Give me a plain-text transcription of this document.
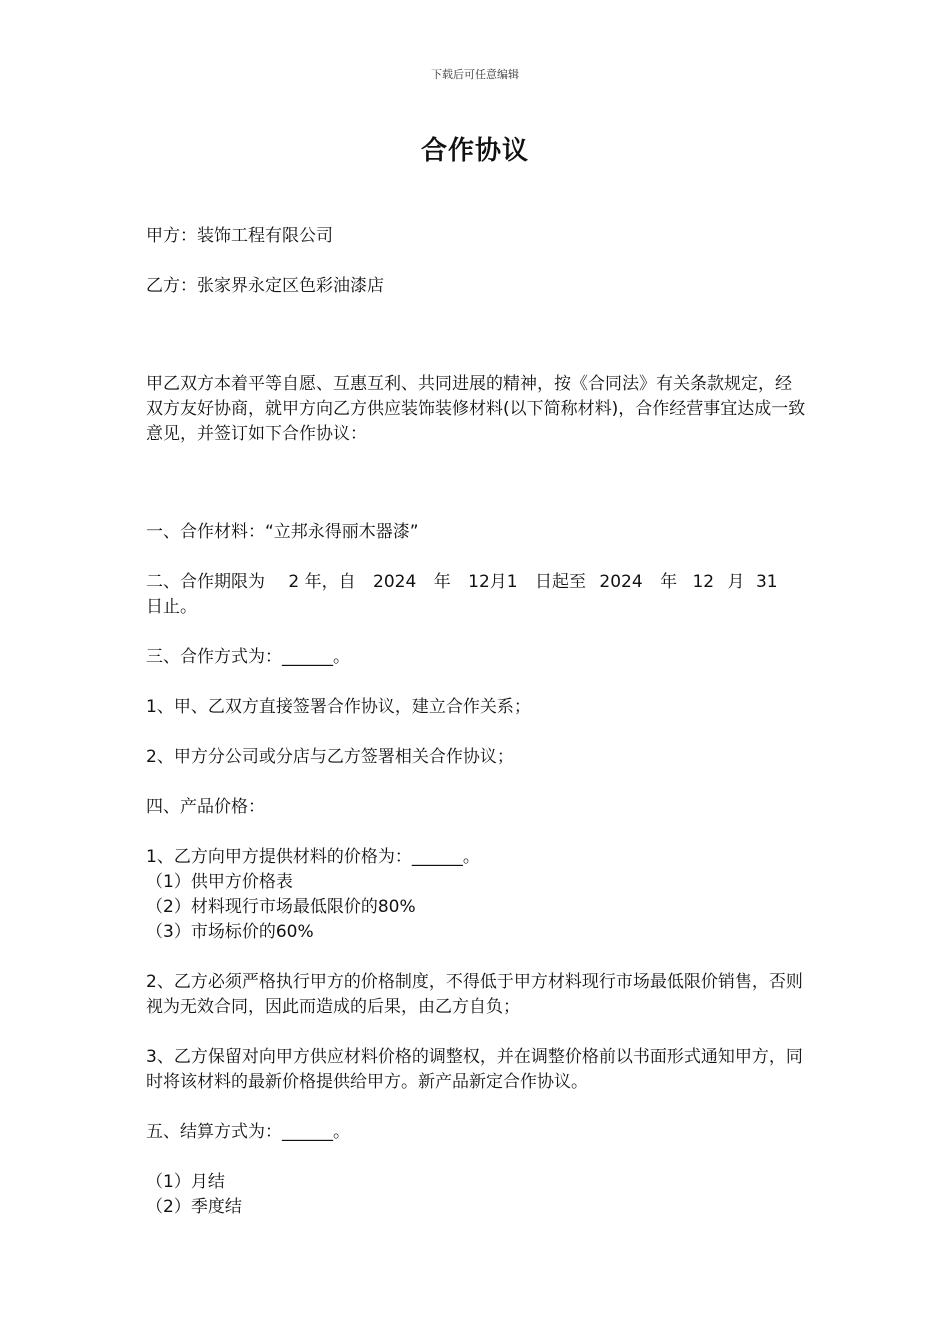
下载后可任意编辑
合作协议

甲方：装饰工程有限公司

乙方：张家界永定区色彩油漆店

甲乙双方本着平等自愿、互惠互利、共同进展的精神，按《合同法》有关条款规定，经双方友好协商，就甲方向乙方供应装饰装修材料(以下简称材料)，合作经营事宜达成一致意见，并签订如下合作协议：

一、合作材料：“立邦永得丽木器漆”

二、合作期限为 2 年，自 2024 年 12月1 日起至 2024 年 12 月 31
日止。

三、合作方式为：______。

1、甲、乙双方直接签署合作协议，建立合作关系；

2、甲方分公司或分店与乙方签署相关合作协议；

四、产品价格：

1、乙方向甲方提供材料的价格为：______。

（1）供甲方价格表

（2）材料现行市场最低限价的80%

（3）市场标价的60%

2、乙方必须严格执行甲方的价格制度，不得低于甲方材料现行市场最低限价销售，否则视为无效合同，因此而造成的后果，由乙方自负；

3、乙方保留对向甲方供应材料价格的调整权，并在调整价格前以书面形式通知甲方，同时将该材料的最新价格提供给甲方。新产品新定合作协议。

五、结算方式为：______。

（1）月结

（2）季度结
